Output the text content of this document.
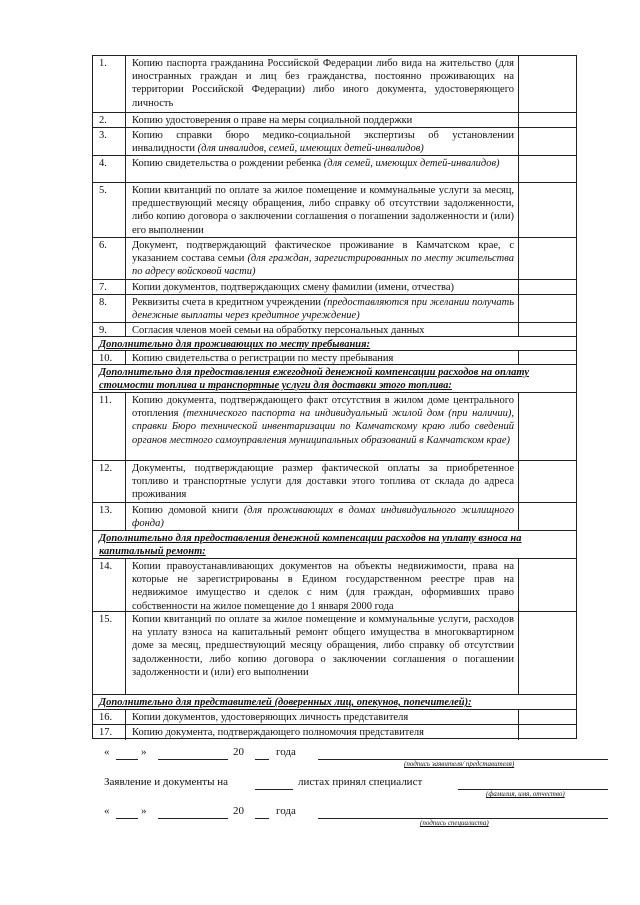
1.	Копию паспорта гражданина Российской Федерации либо вида на жительство (для иностранных граждан и лиц без гражданства, постоянно проживающих на территории Российской Федерации) либо иного документа, удостоверяющего личность
2.	Копию удостоверения о праве на меры социальной поддержки
3.	Копию справки бюро медико-социальной экспертизы об установлении инвалидности (для инвалидов, семей, имеющих детей-инвалидов)
4.	Копию свидетельства о рождении ребенка (для семей, имеющих детей-инвалидов)
5.	Копии квитанций по оплате за жилое помещение и коммунальные услуги за месяц, предшествующий месяцу обращения, либо справку об отсутствии задолженности, либо копию договора о заключении соглашения о погашении задолженности и (или) его выполнении
6.	Документ, подтверждающий фактическое проживание в Камчатском крае, с указанием состава семьи (для граждан, зарегистрированных по месту жительства по адресу войсковой части)
7.	Копии документов, подтверждающих смену фамилии (имени, отчества)
8.	Реквизиты счета в кредитном учреждении (предоставляются при желании получать денежные выплаты через кредитное учреждение)
9.	Согласия членов моей семьи на обработку персональных данных
Дополнительно для проживающих по месту пребывания:
10.	Копию свидетельства о регистрации по месту пребывания
Дополнительно для предоставления ежегодной денежной компенсации расходов на оплату стоимости топлива и транспортные услуги для доставки этого топлива:
11.	Копию документа, подтверждающего факт отсутствия в жилом доме центрального отопления (технического паспорта на индивидуальный жилой дом (при наличии), справки Бюро технической инвентаризации по Камчатскому краю либо сведений органов местного самоуправления муниципальных образований в Камчатском крае)
12.	Документы, подтверждающие размер фактической оплаты за приобретенное топливо и транспортные услуги для доставки этого топлива от склада до адреса проживания
13.	Копию домовой книги (для проживающих в домах индивидуального жилищного фонда)
Дополнительно для предоставления денежной компенсации расходов на уплату взноса на капитальный ремонт:
14.	Копии правоустанавливающих документов на объекты недвижимости, права на которые не зарегистрированы в Едином государственном реестре прав на недвижимое имущество и сделок с ним (для граждан, оформивших право собственности на жилое помещение до 1 января 2000 года
15.	Копии квитанций по оплате за жилое помещение и коммунальные услуги, расходов на уплату взноса на капитальный ремонт общего имущества в многоквартирном доме за месяц, предшествующий месяцу обращения, либо справку об отсутствии задолженности, либо копию договора о заключении соглашения о погашении задолженности и (или) его выполнении
Дополнительно для представителей (доверенных лиц, опекунов, попечителей):
16.	Копии документов, удостоверяющих личность представителя
17.	Копию документа, подтверждающего полномочия представителя
«	»	20	года
(подпись заявителя/ представителя)
Заявление и документы на	листах принял специалист
(фамилия, имя, отчество)
«	»	20	года
(подпись специалиста)
